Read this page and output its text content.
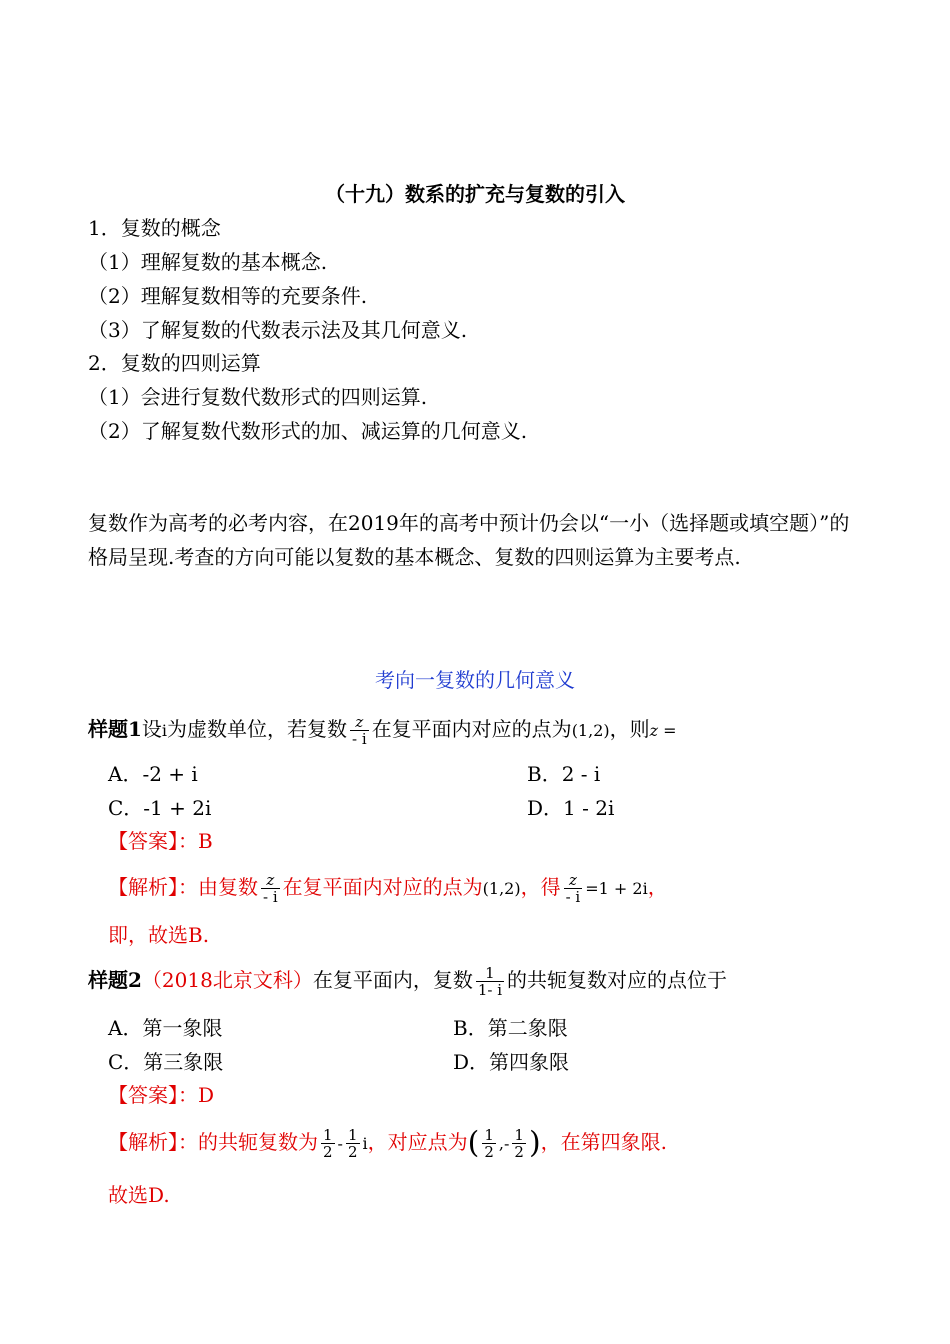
（十九）数系的扩充与复数的引入
1．复数的概念
（1）理解复数的基本概念.
（2）理解复数相等的充要条件.
（3）了解复数的代数表示法及其几何意义.
2．复数的四则运算
（1）会进行复数代数形式的四则运算.
（2）了解复数代数形式的加、减运算的几何意义.
复数作为高考的必考内容，在2019年的高考中预计仍会以“一小（选择题或填空题）”的格局呈现.考查的方向可能以复数的基本概念、复数的四则运算为主要考点.
考向一复数的几何意义
样题1设i为虚数单位，若复数 $\frac{z}{- i}$ 在复平面内对应的点为(1,2)，则z =
A．-2 + i	B．2 - i
C．-1 + 2i	D．1 - 2i
【答案】：B
【解析】：由复数 $\frac{z}{- i}$ 在复平面内对应的点为(1,2)，得 $\frac{z}{- i} =1 + 2i$，
即，故选B.
样题2（2018北京文科）在复平面内，复数 $\frac{1}{1- i}$ 的共轭复数对应的点位于
A．第一象限	B．第二象限
C．第三象限	D．第四象限
【答案】：D
【解析】：的共轭复数为 $\frac{1}{2} - \frac{1}{2}$ i，对应点为( $\frac{1}{2}$ ,- $\frac{1}{2}$ )，在第四象限.
故选D.
